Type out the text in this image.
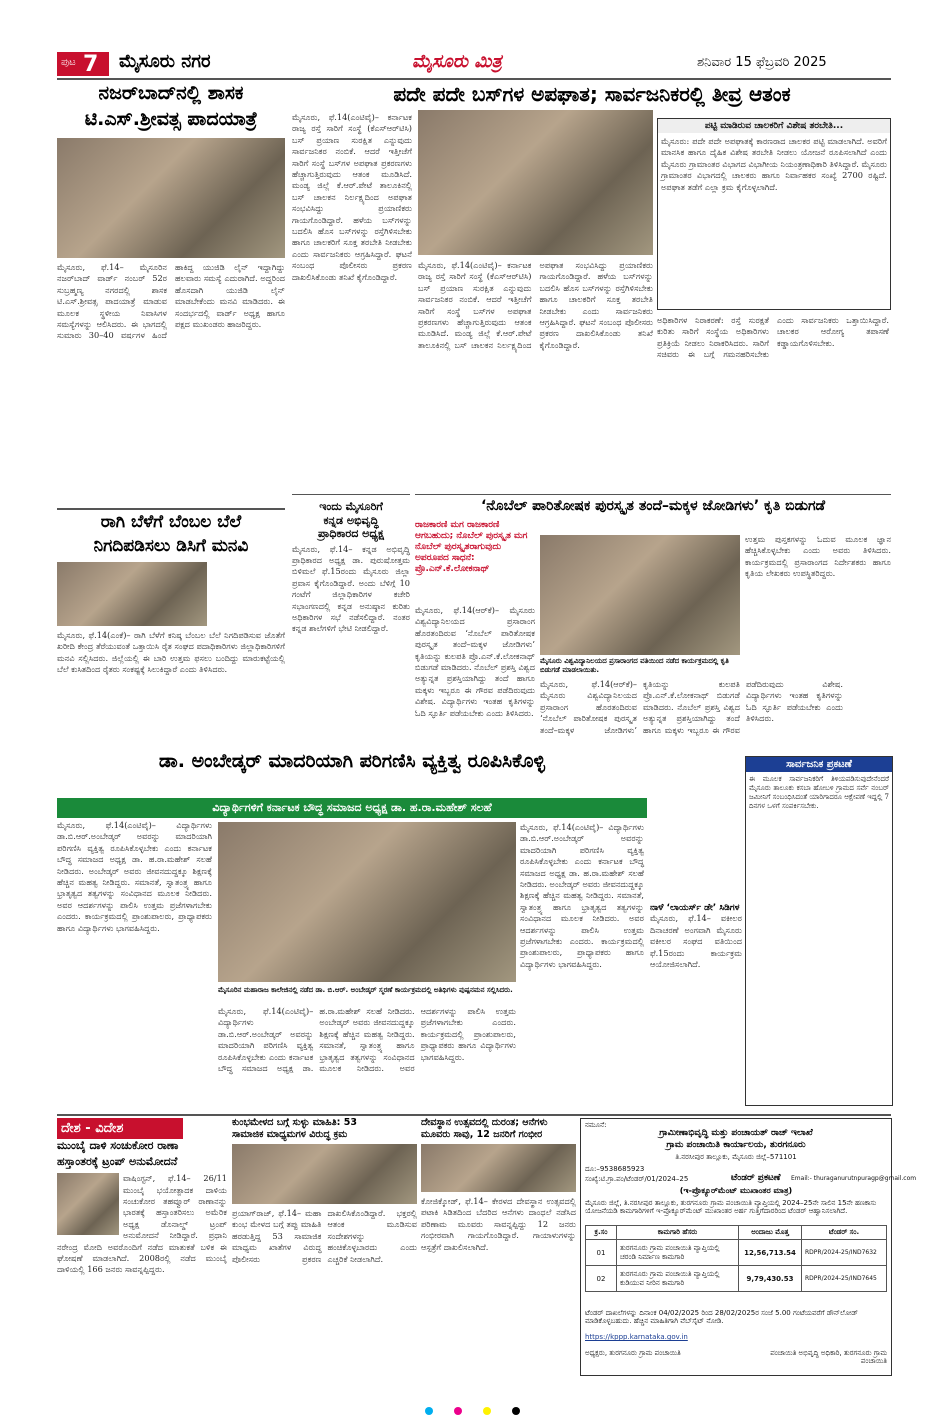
ಪುಟ 7 ಮೈಸೂರು ನಗರ	ಮೈಸೂರು ಮಿತ್ರ	ಶನಿವಾರ 15 ಫೆಬ್ರವರಿ 2025
ನಜರ್‌ಬಾದ್‌ನಲ್ಲಿ ಶಾಸಕ
ಟಿ.ಎಸ್.ಶ್ರೀವತ್ಸ ಪಾದಯಾತ್ರೆ
ಮೈಸೂರು, ಫೆ.14– ಮೈಸೂರಿನ ನಜರ್‌ಬಾದ್ ವಾರ್ಡ್ ನಂಬರ್ 52ರ ಸುಬ್ರಹ್ಮಣ್ಯ ನಗರದಲ್ಲಿ ಶಾಸಕ ಟಿ.ಎಸ್.ಶ್ರೀವತ್ಸ ಪಾದಯಾತ್ರೆ ಮಾಡುವ ಮೂಲಕ ಸ್ಥಳೀಯ ನಿವಾಸಿಗಳ ಸಮಸ್ಯೆಗಳನ್ನು ಆಲಿಸಿದರು. ಈ ಭಾಗದಲ್ಲಿ ಸುಮಾರು 30–40 ವರ್ಷಗಳ ಹಿಂದೆ ಹಾಕಿದ್ದ ಯುಜಿಡಿ ಲೈನ್ ಇದ್ದಾಗಿದ್ದು ಹಲವಾರು ಸಮಸ್ಯೆ ಎದುರಾಗಿದೆ. ಅದ್ದರಿಂದ ಹೊಸದಾಗಿ ಯುಜಿಡಿ ಲೈನ್ ಮಾಡಬೇಕೆಂದು ಮನವಿ ಮಾಡಿದರು. ಈ ಸಂದರ್ಭದಲ್ಲಿ ವಾರ್ಡ್ ಅಧ್ಯಕ್ಷ ಹಾಗೂ ಪಕ್ಷದ ಮುಖಂಡರು ಹಾಜರಿದ್ದರು.
ರಾಗಿ ಬೆಳೆಗೆ ಬೆಂಬಲ ಬೆಲೆ
ನಿಗದಿಪಡಿಸಲು ಡಿಸಿಗೆ ಮನವಿ
ಮೈಸೂರು, ಫೆ.14(ಎಂಕೆ)– ರಾಗಿ ಬೆಳೆಗೆ ಕನಿಷ್ಠ ಬೆಂಬಲ ಬೆಲೆ ನಿಗದಿಪಡಿಸುವ ಜೊತೆಗೆ ಖರೀದಿ ಕೇಂದ್ರ ತೆರೆಯುವಂತೆ ಒತ್ತಾಯಿಸಿ ರೈತ ಸಂಘದ ಪದಾಧಿಕಾರಿಗಳು ಜಿಲ್ಲಾಧಿಕಾರಿಗಳಿಗೆ ಮನವಿ ಸಲ್ಲಿಸಿದರು. ಜಿಲ್ಲೆಯಲ್ಲಿ ಈ ಬಾರಿ ಉತ್ತಮ ಫಸಲು ಬಂದಿದ್ದು ಮಾರುಕಟ್ಟೆಯಲ್ಲಿ ಬೆಲೆ ಕುಸಿತದಿಂದ ರೈತರು ಸಂಕಷ್ಟಕ್ಕೆ ಸಿಲುಕಿದ್ದಾರೆ ಎಂದು ತಿಳಿಸಿದರು.
ಪದೇ ಪದೇ ಬಸ್‌ಗಳ ಅಪಘಾತ; ಸಾರ್ವಜನಿಕರಲ್ಲಿ ತೀವ್ರ ಆತಂಕ
ಮೈಸೂರು, ಫೆ.14(ಎಂಟಿವೈ)– ಕರ್ನಾಟಕ ರಾಜ್ಯ ರಸ್ತೆ ಸಾರಿಗೆ ಸಂಸ್ಥೆ (ಕೆಎಸ್‌ಆರ್‌ಟಿಸಿ) ಬಸ್ ಪ್ರಯಾಣ ಸುರಕ್ಷಿತ ಎನ್ನುವುದು ಸಾರ್ವಜನಿಕರ ನಂಬಿಕೆ. ಆದರೆ ಇತ್ತೀಚೆಗೆ ಸಾರಿಗೆ ಸಂಸ್ಥೆ ಬಸ್‌ಗಳ ಅಪಘಾತ ಪ್ರಕರಣಗಳು ಹೆಚ್ಚಾಗುತ್ತಿರುವುದು ಆತಂಕ ಮೂಡಿಸಿದೆ. ಮಂಡ್ಯ ಜಿಲ್ಲೆ ಕೆ.ಆರ್.ಪೇಟೆ ತಾಲೂಕಿನಲ್ಲಿ ಬಸ್ ಚಾಲಕನ ನಿರ್ಲಕ್ಷ್ಯದಿಂದ ಅಪಘಾತ ಸಂಭವಿಸಿದ್ದು ಪ್ರಯಾಣಿಕರು ಗಾಯಗೊಂಡಿದ್ದಾರೆ. ಹಳೆಯ ಬಸ್‌ಗಳನ್ನು ಬದಲಿಸಿ ಹೊಸ ಬಸ್‌ಗಳನ್ನು ರಸ್ತೆಗಿಳಿಸಬೇಕು ಹಾಗೂ ಚಾಲಕರಿಗೆ ಸೂಕ್ತ ತರಬೇತಿ ನೀಡಬೇಕು ಎಂದು ಸಾರ್ವಜನಿಕರು ಆಗ್ರಹಿಸಿದ್ದಾರೆ. ಘಟನೆ ಸಂಬಂಧ ಪೊಲೀಸರು ಪ್ರಕರಣ ದಾಖಲಿಸಿಕೊಂಡು ತನಿಖೆ ಕೈಗೊಂಡಿದ್ದಾರೆ.
ಮೈಸೂರು, ಫೆ.14(ಎಂಟಿವೈ)– ಕರ್ನಾಟಕ ರಾಜ್ಯ ರಸ್ತೆ ಸಾರಿಗೆ ಸಂಸ್ಥೆ (ಕೆಎಸ್‌ಆರ್‌ಟಿಸಿ) ಬಸ್ ಪ್ರಯಾಣ ಸುರಕ್ಷಿತ ಎನ್ನುವುದು ಸಾರ್ವಜನಿಕರ ನಂಬಿಕೆ. ಆದರೆ ಇತ್ತೀಚೆಗೆ ಸಾರಿಗೆ ಸಂಸ್ಥೆ ಬಸ್‌ಗಳ ಅಪಘಾತ ಪ್ರಕರಣಗಳು ಹೆಚ್ಚಾಗುತ್ತಿರುವುದು ಆತಂಕ ಮೂಡಿಸಿದೆ. ಮಂಡ್ಯ ಜಿಲ್ಲೆ ಕೆ.ಆರ್.ಪೇಟೆ ತಾಲೂಕಿನಲ್ಲಿ ಬಸ್ ಚಾಲಕನ ನಿರ್ಲಕ್ಷ್ಯದಿಂದ ಅಪಘಾತ ಸಂಭವಿಸಿದ್ದು ಪ್ರಯಾಣಿಕರು ಗಾಯಗೊಂಡಿದ್ದಾರೆ. ಹಳೆಯ ಬಸ್‌ಗಳನ್ನು ಬದಲಿಸಿ ಹೊಸ ಬಸ್‌ಗಳನ್ನು ರಸ್ತೆಗಿಳಿಸಬೇಕು ಹಾಗೂ ಚಾಲಕರಿಗೆ ಸೂಕ್ತ ತರಬೇತಿ ನೀಡಬೇಕು ಎಂದು ಸಾರ್ವಜನಿಕರು ಆಗ್ರಹಿಸಿದ್ದಾರೆ. ಘಟನೆ ಸಂಬಂಧ ಪೊಲೀಸರು ಪ್ರಕರಣ ದಾಖಲಿಸಿಕೊಂಡು ತನಿಖೆ ಕೈಗೊಂಡಿದ್ದಾರೆ.
ಪಟ್ಟಿ ಮಾಡಿರುವ ಚಾಲಕರಿಗೆ ವಿಶೇಷ ತರಬೇತಿ...
ಮೈಸೂರು: ಪದೇ ಪದೇ ಅಪಘಾತಕ್ಕೆ ಕಾರಣರಾದ ಚಾಲಕರ ಪಟ್ಟಿ ಮಾಡಲಾಗಿದೆ. ಅವರಿಗೆ ಮಾನಸಿಕ ಹಾಗೂ ದೈಹಿಕ ವಿಶೇಷ ತರಬೇತಿ ನೀಡಲು ಯೋಜನೆ ರೂಪಿಸಲಾಗಿದೆ ಎಂದು ಮೈಸೂರು ಗ್ರಾಮಾಂತರ ವಿಭಾಗದ ವಿಭಾಗೀಯ ನಿಯಂತ್ರಣಾಧಿಕಾರಿ ತಿಳಿಸಿದ್ದಾರೆ. ಮೈಸೂರು ಗ್ರಾಮಾಂತರ ವಿಭಾಗದಲ್ಲಿ ಚಾಲಕರು ಹಾಗೂ ನಿರ್ವಾಹಕರ ಸಂಖ್ಯೆ 2700 ರಷ್ಟಿದೆ. ಅಪಘಾತ ತಡೆಗೆ ಎಲ್ಲಾ ಕ್ರಮ ಕೈಗೊಳ್ಳಲಾಗಿದೆ.
ಅಧಿಕಾರಿಗಳ ನಿರಾಕರಣೆ: ರಸ್ತೆ ಸುರಕ್ಷತೆ ಕುರಿತು ಸಾರಿಗೆ ಸಂಸ್ಥೆಯ ಅಧಿಕಾರಿಗಳು ಪ್ರತಿಕ್ರಿಯೆ ನೀಡಲು ನಿರಾಕರಿಸಿದರು. ಸಾರಿಗೆ ಸಚಿವರು ಈ ಬಗ್ಗೆ ಗಮನಹರಿಸಬೇಕು ಎಂದು ಸಾರ್ವಜನಿಕರು ಒತ್ತಾಯಿಸಿದ್ದಾರೆ. ಚಾಲಕರ ಆರೋಗ್ಯ ತಪಾಸಣೆ ಕಡ್ಡಾಯಗೊಳಿಸಬೇಕು.
ಇಂದು ಮೈಸೂರಿಗೆ
ಕನ್ನಡ ಅಭಿವೃದ್ಧಿ
ಪ್ರಾಧಿಕಾರದ ಅಧ್ಯಕ್ಷ
ಮೈಸೂರು, ಫೆ.14– ಕನ್ನಡ ಅಭಿವೃದ್ಧಿ ಪ್ರಾಧಿಕಾರದ ಅಧ್ಯಕ್ಷ ಡಾ. ಪುರುಷೋತ್ತಮ ಬಿಳಿಮಲೆ ಫೆ.15ರಂದು ಮೈಸೂರು ಜಿಲ್ಲಾ ಪ್ರವಾಸ ಕೈಗೊಂಡಿದ್ದಾರೆ. ಅಂದು ಬೆಳಿಗ್ಗೆ 10 ಗಂಟೆಗೆ ಜಿಲ್ಲಾಧಿಕಾರಿಗಳ ಕಚೇರಿ ಸಭಾಂಗಣದಲ್ಲಿ ಕನ್ನಡ ಅನುಷ್ಠಾನ ಕುರಿತು ಅಧಿಕಾರಿಗಳ ಸಭೆ ನಡೆಸಲಿದ್ದಾರೆ. ನಂತರ ಕನ್ನಡ ಶಾಲೆಗಳಿಗೆ ಭೇಟಿ ನೀಡಲಿದ್ದಾರೆ.
‘ನೊಬೆಲ್ ಪಾರಿತೋಷಕ ಪುರಸ್ಕೃತ ತಂದೆ–ಮಕ್ಕಳ ಜೋಡಿಗಳು’ ಕೃತಿ ಬಿಡುಗಡೆ
ರಾಜಕಾರಣಿ ಮಗ ರಾಜಕಾರಣಿ ಆಗಬಹುದು; ನೊಬೆಲ್ ಪುರಸ್ಕೃತ ಮಗ ನೊಬೆಲ್ ಪುರಸ್ಕೃತರಾಗುವುದು ಅಪರೂಪದ ಸಾಧನೆ: ಪ್ರೊ.ಎನ್.ಕೆ.ಲೋಕನಾಥ್
ಮೈಸೂರು ವಿಶ್ವವಿದ್ಯಾನಿಲಯದ ಪ್ರಸಾರಾಂಗದ ವತಿಯಿಂದ ನಡೆದ ಕಾರ್ಯಕ್ರಮದಲ್ಲಿ ಕೃತಿ ಬಿಡುಗಡೆ ಮಾಡಲಾಯಿತು.
ಮೈಸೂರು, ಫೆ.14(ಆರ್‌ಕೆ)– ಮೈಸೂರು ವಿಶ್ವವಿದ್ಯಾನಿಲಯದ ಪ್ರಸಾರಾಂಗ ಹೊರತಂದಿರುವ ‘ನೊಬೆಲ್ ಪಾರಿತೋಷಕ ಪುರಸ್ಕೃತ ತಂದೆ–ಮಕ್ಕಳ ಜೋಡಿಗಳು’ ಕೃತಿಯನ್ನು ಕುಲಪತಿ ಪ್ರೊ.ಎನ್.ಕೆ.ಲೋಕನಾಥ್ ಬಿಡುಗಡೆ ಮಾಡಿದರು. ನೊಬೆಲ್ ಪ್ರಶಸ್ತಿ ವಿಶ್ವದ ಅತ್ಯುನ್ನತ ಪ್ರಶಸ್ತಿಯಾಗಿದ್ದು ತಂದೆ ಹಾಗೂ ಮಕ್ಕಳು ಇಬ್ಬರೂ ಈ ಗೌರವ ಪಡೆದಿರುವುದು ವಿಶೇಷ. ವಿದ್ಯಾರ್ಥಿಗಳು ಇಂತಹ ಕೃತಿಗಳನ್ನು ಓದಿ ಸ್ಫೂರ್ತಿ ಪಡೆಯಬೇಕು ಎಂದು ತಿಳಿಸಿದರು.
ಮೈಸೂರು, ಫೆ.14(ಆರ್‌ಕೆ)– ಮೈಸೂರು ವಿಶ್ವವಿದ್ಯಾನಿಲಯದ ಪ್ರಸಾರಾಂಗ ಹೊರತಂದಿರುವ ‘ನೊಬೆಲ್ ಪಾರಿತೋಷಕ ಪುರಸ್ಕೃತ ತಂದೆ–ಮಕ್ಕಳ ಜೋಡಿಗಳು’ ಕೃತಿಯನ್ನು ಕುಲಪತಿ ಪ್ರೊ.ಎನ್.ಕೆ.ಲೋಕನಾಥ್ ಬಿಡುಗಡೆ ಮಾಡಿದರು. ನೊಬೆಲ್ ಪ್ರಶಸ್ತಿ ವಿಶ್ವದ ಅತ್ಯುನ್ನತ ಪ್ರಶಸ್ತಿಯಾಗಿದ್ದು ತಂದೆ ಹಾಗೂ ಮಕ್ಕಳು ಇಬ್ಬರೂ ಈ ಗೌರವ ಪಡೆದಿರುವುದು ವಿಶೇಷ. ವಿದ್ಯಾರ್ಥಿಗಳು ಇಂತಹ ಕೃತಿಗಳನ್ನು ಓದಿ ಸ್ಫೂರ್ತಿ ಪಡೆಯಬೇಕು ಎಂದು ತಿಳಿಸಿದರು.
ಉತ್ತಮ ಪುಸ್ತಕಗಳನ್ನು ಓದುವ ಮೂಲಕ ಜ್ಞಾನ ಹೆಚ್ಚಿಸಿಕೊಳ್ಳಬೇಕು ಎಂದು ಅವರು ತಿಳಿಸಿದರು. ಕಾರ್ಯಕ್ರಮದಲ್ಲಿ ಪ್ರಸಾರಾಂಗದ ನಿರ್ದೇಶಕರು ಹಾಗೂ ಕೃತಿಯ ಲೇಖಕರು ಉಪಸ್ಥಿತರಿದ್ದರು.
ಸಾರ್ವಜನಿಕ ಪ್ರಕಟಣೆ
ಈ ಮೂಲಕ ಸಾರ್ವಜನಿಕರಿಗೆ ತಿಳಿಯಪಡಿಸುವುದೇನೆಂದರೆ ಮೈಸೂರು ತಾಲೂಕು ಕಸಬಾ ಹೋಬಳಿ ಗ್ರಾಮದ ಸರ್ವೆ ನಂಬರ್ ಜಮೀನಿಗೆ ಸಂಬಂಧಿಸಿದಂತೆ ಯಾರಿಗಾದರೂ ಆಕ್ಷೇಪಣೆ ಇದ್ದಲ್ಲಿ 7 ದಿನಗಳ ಒಳಗೆ ಸಂಪರ್ಕಿಸಬೇಕು.
ಡಾ. ಅಂಬೇಡ್ಕರ್ ಮಾದರಿಯಾಗಿ ಪರಿಗಣಿಸಿ ವ್ಯಕ್ತಿತ್ವ ರೂಪಿಸಿಕೊಳ್ಳಿ
ವಿದ್ಯಾರ್ಥಿಗಳಿಗೆ ಕರ್ನಾಟಕ ಬೌದ್ಧ ಸಮಾಜದ ಅಧ್ಯಕ್ಷ ಡಾ. ಹ.ರಾ.ಮಹೇಶ್ ಸಲಹೆ
ಮೈಸೂರು, ಫೆ.14(ಎಂಟಿವೈ)– ವಿದ್ಯಾರ್ಥಿಗಳು ಡಾ.ಬಿ.ಆರ್.ಅಂಬೇಡ್ಕರ್ ಅವರನ್ನು ಮಾದರಿಯಾಗಿ ಪರಿಗಣಿಸಿ ವ್ಯಕ್ತಿತ್ವ ರೂಪಿಸಿಕೊಳ್ಳಬೇಕು ಎಂದು ಕರ್ನಾಟಕ ಬೌದ್ಧ ಸಮಾಜದ ಅಧ್ಯಕ್ಷ ಡಾ. ಹ.ರಾ.ಮಹೇಶ್ ಸಲಹೆ ನೀಡಿದರು. ಅಂಬೇಡ್ಕರ್ ಅವರು ಜೀವನದುದ್ದಕ್ಕೂ ಶಿಕ್ಷಣಕ್ಕೆ ಹೆಚ್ಚಿನ ಮಹತ್ವ ನೀಡಿದ್ದರು. ಸಮಾನತೆ, ಸ್ವಾತಂತ್ರ್ಯ ಹಾಗೂ ಭ್ರಾತೃತ್ವದ ತತ್ವಗಳನ್ನು ಸಂವಿಧಾನದ ಮೂಲಕ ನೀಡಿದರು. ಅವರ ಆದರ್ಶಗಳನ್ನು ಪಾಲಿಸಿ ಉತ್ತಮ ಪ್ರಜೆಗಳಾಗಬೇಕು ಎಂದರು. ಕಾರ್ಯಕ್ರಮದಲ್ಲಿ ಪ್ರಾಂಶುಪಾಲರು, ಪ್ರಾಧ್ಯಾಪಕರು ಹಾಗೂ ವಿದ್ಯಾರ್ಥಿಗಳು ಭಾಗವಹಿಸಿದ್ದರು.
ಮೈಸೂರಿನ ಮಹಾರಾಜ ಕಾಲೇಜಿನಲ್ಲಿ ನಡೆದ ಡಾ. ಬಿ.ಆರ್. ಅಂಬೇಡ್ಕರ್ ಸ್ಮರಣೆ ಕಾರ್ಯಕ್ರಮದಲ್ಲಿ ಅತಿಥಿಗಳು ಪುಷ್ಪನಮನ ಸಲ್ಲಿಸಿದರು.
ಮೈಸೂರು, ಫೆ.14(ಎಂಟಿವೈ)– ವಿದ್ಯಾರ್ಥಿಗಳು ಡಾ.ಬಿ.ಆರ್.ಅಂಬೇಡ್ಕರ್ ಅವರನ್ನು ಮಾದರಿಯಾಗಿ ಪರಿಗಣಿಸಿ ವ್ಯಕ್ತಿತ್ವ ರೂಪಿಸಿಕೊಳ್ಳಬೇಕು ಎಂದು ಕರ್ನಾಟಕ ಬೌದ್ಧ ಸಮಾಜದ ಅಧ್ಯಕ್ಷ ಡಾ. ಹ.ರಾ.ಮಹೇಶ್ ಸಲಹೆ ನೀಡಿದರು. ಅಂಬೇಡ್ಕರ್ ಅವರು ಜೀವನದುದ್ದಕ್ಕೂ ಶಿಕ್ಷಣಕ್ಕೆ ಹೆಚ್ಚಿನ ಮಹತ್ವ ನೀಡಿದ್ದರು. ಸಮಾನತೆ, ಸ್ವಾತಂತ್ರ್ಯ ಹಾಗೂ ಭ್ರಾತೃತ್ವದ ತತ್ವಗಳನ್ನು ಸಂವಿಧಾನದ ಮೂಲಕ ನೀಡಿದರು. ಅವರ ಆದರ್ಶಗಳನ್ನು ಪಾಲಿಸಿ ಉತ್ತಮ ಪ್ರಜೆಗಳಾಗಬೇಕು ಎಂದರು. ಕಾರ್ಯಕ್ರಮದಲ್ಲಿ ಪ್ರಾಂಶುಪಾಲರು, ಪ್ರಾಧ್ಯಾಪಕರು ಹಾಗೂ ವಿದ್ಯಾರ್ಥಿಗಳು ಭಾಗವಹಿಸಿದ್ದರು.
ಮೈಸೂರು, ಫೆ.14(ಎಂಟಿವೈ)– ವಿದ್ಯಾರ್ಥಿಗಳು ಡಾ.ಬಿ.ಆರ್.ಅಂಬೇಡ್ಕರ್ ಅವರನ್ನು ಮಾದರಿಯಾಗಿ ಪರಿಗಣಿಸಿ ವ್ಯಕ್ತಿತ್ವ ರೂಪಿಸಿಕೊಳ್ಳಬೇಕು ಎಂದು ಕರ್ನಾಟಕ ಬೌದ್ಧ ಸಮಾಜದ ಅಧ್ಯಕ್ಷ ಡಾ. ಹ.ರಾ.ಮಹೇಶ್ ಸಲಹೆ ನೀಡಿದರು. ಅಂಬೇಡ್ಕರ್ ಅವರು ಜೀವನದುದ್ದಕ್ಕೂ ಶಿಕ್ಷಣಕ್ಕೆ ಹೆಚ್ಚಿನ ಮಹತ್ವ ನೀಡಿದ್ದರು. ಸಮಾನತೆ, ಸ್ವಾತಂತ್ರ್ಯ ಹಾಗೂ ಭ್ರಾತೃತ್ವದ ತತ್ವಗಳನ್ನು ಸಂವಿಧಾನದ ಮೂಲಕ ನೀಡಿದರು. ಅವರ ಆದರ್ಶಗಳನ್ನು ಪಾಲಿಸಿ ಉತ್ತಮ ಪ್ರಜೆಗಳಾಗಬೇಕು ಎಂದರು. ಕಾರ್ಯಕ್ರಮದಲ್ಲಿ ಪ್ರಾಂಶುಪಾಲರು, ಪ್ರಾಧ್ಯಾಪಕರು ಹಾಗೂ ವಿದ್ಯಾರ್ಥಿಗಳು ಭಾಗವಹಿಸಿದ್ದರು.
ನಾಳೆ ‘ಲಾಯರ್ಸ್ ಡೇ’ ಸಿಡಿಗಳ
ಮೈಸೂರು, ಫೆ.14– ವಕೀಲರ ದಿನಾಚರಣೆ ಅಂಗವಾಗಿ ಮೈಸೂರು ವಕೀಲರ ಸಂಘದ ವತಿಯಿಂದ ಫೆ.15ರಂದು ಕಾರ್ಯಕ್ರಮ ಆಯೋಜಿಸಲಾಗಿದೆ.
ದೇಶ - ವಿದೇಶ
ಮುಂಬೈ ದಾಳಿ ಸಂಚುಕೋರ ರಾಣಾ
ಹಸ್ತಾಂತರಕ್ಕೆ ಟ್ರಂಪ್ ಅನುಮೋದನೆ
ವಾಷಿಂಗ್ಟನ್, ಫೆ.14– 26/11 ಮುಂಬೈ ಭಯೋತ್ಪಾದಕ ದಾಳಿಯ ಸಂಚುಕೋರ ತಹವ್ವೂರ್ ರಾಣಾನನ್ನು ಭಾರತಕ್ಕೆ ಹಸ್ತಾಂತರಿಸಲು ಅಮೆರಿಕ ಅಧ್ಯಕ್ಷ ಡೊನಾಲ್ಡ್ ಟ್ರಂಪ್ ಅನುಮೋದನೆ ನೀಡಿದ್ದಾರೆ. ಪ್ರಧಾನಿ ನರೇಂದ್ರ ಮೋದಿ ಅವರೊಂದಿಗೆ ನಡೆದ ಮಾತುಕತೆ ಬಳಿಕ ಈ ಘೋಷಣೆ ಮಾಡಲಾಗಿದೆ. 2008ರಲ್ಲಿ ನಡೆದ ಮುಂಬೈ ದಾಳಿಯಲ್ಲಿ 166 ಜನರು ಸಾವನ್ನಪ್ಪಿದ್ದರು.
ಕುಂಭಮೇಳದ ಬಗ್ಗೆ ಸುಳ್ಳು ಮಾಹಿತಿ: 53
ಸಾಮಾಜಿಕ ಮಾಧ್ಯಮಗಳ ವಿರುದ್ಧ ಕ್ರಮ
ಪ್ರಯಾಗ್‌ರಾಜ್, ಫೆ.14– ಮಹಾ ಕುಂಭ ಮೇಳದ ಬಗ್ಗೆ ತಪ್ಪು ಮಾಹಿತಿ ಹರಡುತ್ತಿದ್ದ 53 ಸಾಮಾಜಿಕ ಮಾಧ್ಯಮ ಖಾತೆಗಳ ವಿರುದ್ಧ ಪೊಲೀಸರು ಪ್ರಕರಣ ದಾಖಲಿಸಿಕೊಂಡಿದ್ದಾರೆ. ಭಕ್ತರಲ್ಲಿ ಆತಂಕ ಮೂಡಿಸುವ ಸಂದೇಶಗಳನ್ನು ಹಂಚಿಕೊಳ್ಳಬಾರದು ಎಂದು ಎಚ್ಚರಿಕೆ ನೀಡಲಾಗಿದೆ.
ದೇವಸ್ಥಾನ ಉತ್ಸವದಲ್ಲಿ ದುರಂತ; ಆನೆಗಳು
ಮೂವರು ಸಾವು, 12 ಜನರಿಗೆ ಗಂಭೀರ
ಕೋಜಿಕ್ಕೋಡ್, ಫೆ.14– ಕೇರಳದ ದೇವಸ್ಥಾನ ಉತ್ಸವದಲ್ಲಿ ಪಟಾಕಿ ಸಿಡಿತದಿಂದ ಬೆದರಿದ ಆನೆಗಳು ದಾಂಧಲೆ ನಡೆಸಿದ ಪರಿಣಾಮ ಮೂವರು ಸಾವನ್ನಪ್ಪಿದ್ದು 12 ಜನರು ಗಂಭೀರವಾಗಿ ಗಾಯಗೊಂಡಿದ್ದಾರೆ. ಗಾಯಾಳುಗಳನ್ನು ಆಸ್ಪತ್ರೆಗೆ ದಾಖಲಿಸಲಾಗಿದೆ.
ನಮೂನೆ:
ಗ್ರಾಮೀಣಾಭಿವೃದ್ಧಿ ಮತ್ತು ಪಂಚಾಯತ್ ರಾಜ್ ಇಲಾಖೆ
ಗ್ರಾಮ ಪಂಚಾಯಿತಿ ಕಾರ್ಯಾಲಯ, ತುರಗನೂರು
ತಿ.ನರಸೀಪುರ ತಾಲ್ಲೂಕು, ಮೈಸೂರು ಜಿಲ್ಲೆ–571101
ದೂ:–9538685923
ಸಂಖ್ಯೆ:ಟಿ.ಗ್ರಾ.ಪಂ/ಟೆಂಡರ್/01/2024–25	ಟೆಂಡರ್ ಪ್ರಕಟಣೆ Email:- thuraganurutnpuragp@gmail.com
(ಇ-ಪ್ರೊಕ್ಯೂರ್‌ಮೆಂಟ್ ಮುಖಾಂತರ ಮಾತ್ರ)
ಮೈಸೂರು ಜಿಲ್ಲೆ, ತಿ.ನರಸೀಪುರ ತಾಲ್ಲೂಕು, ತುರಗನೂರು ಗ್ರಾಮ ಪಂಚಾಯಿತಿ ವ್ಯಾಪ್ತಿಯಲ್ಲಿ 2024–25ನೇ ಸಾಲಿನ 15ನೇ ಹಣಕಾಸು ಯೋಜನೆಯಡಿ ಕಾಮಗಾರಿಗಳಿಗೆ ಇ-ಪ್ರೊಕ್ಯೂರ್‌ಮೆಂಟ್ ಮುಖಾಂತರ ಅರ್ಹ ಗುತ್ತಿಗೆದಾರರಿಂದ ಟೆಂಡರ್ ಆಹ್ವಾನಿಸಲಾಗಿದೆ.
ಕ್ರ.ಸಂ	ಕಾಮಗಾರಿ ಹೆಸರು	ಅಂದಾಜು ಮೊತ್ತ	ಟೆಂಡರ್ ಸಂ.
01	ತುರಗನೂರು ಗ್ರಾಮ ಪಂಚಾಯಿತಿ ವ್ಯಾಪ್ತಿಯಲ್ಲಿ ಚರಂಡಿ ನಿರ್ಮಾಣ ಕಾಮಗಾರಿ	12,56,713.54	RDPR/2024-25/IND7632
02	ತುರಗನೂರು ಗ್ರಾಮ ಪಂಚಾಯಿತಿ ವ್ಯಾಪ್ತಿಯಲ್ಲಿ ಕುಡಿಯುವ ನೀರಿನ ಕಾಮಗಾರಿ	9,79,430.53	RDPR/2024-25/IND7645
ಟೆಂಡರ್ ದಾಖಲೆಗಳನ್ನು ದಿನಾಂಕ 04/02/2025 ರಿಂದ 28/02/2025ರ ಸಂಜೆ 5.00 ಗಂಟೆಯವರೆಗೆ ಡೌನ್‌ಲೋಡ್ ಮಾಡಿಕೊಳ್ಳಬಹುದು. ಹೆಚ್ಚಿನ ಮಾಹಿತಿಗಾಗಿ ವೆಬ್‌ಸೈಟ್ ನೋಡಿ.
https://kppp.karnataka.gov.in
ಅಧ್ಯಕ್ಷರು, ತುರಗನೂರು ಗ್ರಾಮ ಪಂಚಾಯಿತಿ	ಪಂಚಾಯಿತಿ ಅಭಿವೃದ್ಧಿ ಅಧಿಕಾರಿ, ತುರಗನೂರು ಗ್ರಾಮ ಪಂಚಾಯಿತಿ
